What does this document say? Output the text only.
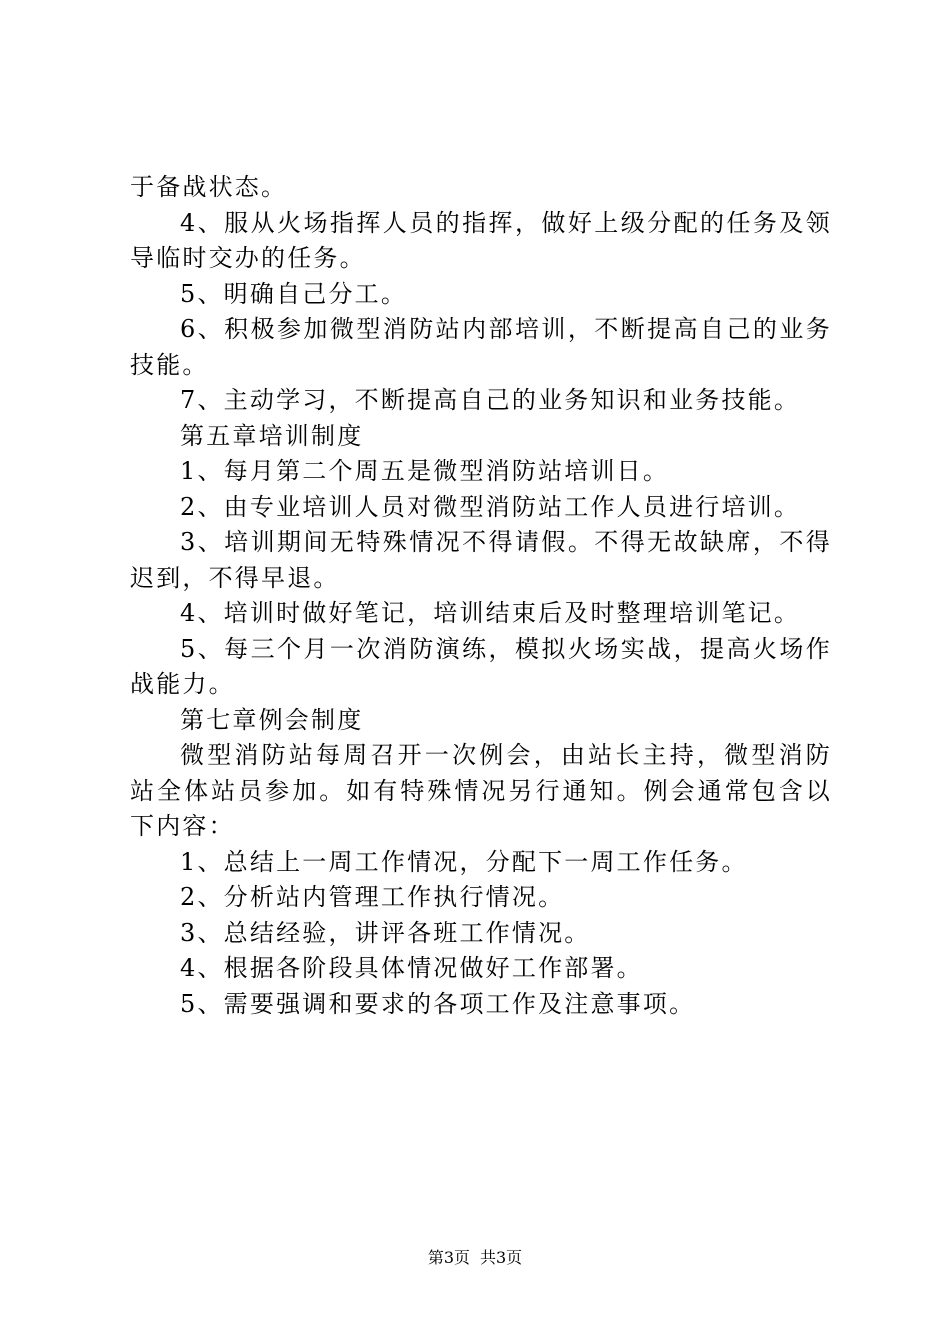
于备战状态。

4、服从火场指挥人员的指挥，做好上级分配的任务及领导临时交办的任务。

5、明确自己分工。

6、积极参加微型消防站内部培训，不断提高自己的业务技能。

7、主动学习，不断提高自己的业务知识和业务技能。

第五章培训制度

1、每月第二个周五是微型消防站培训日。

2、由专业培训人员对微型消防站工作人员进行培训。

3、培训期间无特殊情况不得请假。不得无故缺席，不得迟到，不得早退。

4、培训时做好笔记，培训结束后及时整理培训笔记。

5、每三个月一次消防演练，模拟火场实战，提高火场作战能力。

第七章例会制度

微型消防站每周召开一次例会，由站长主持，微型消防站全体站员参加。如有特殊情况另行通知。例会通常包含以下内容：

1、总结上一周工作情况，分配下一周工作任务。

2、分析站内管理工作执行情况。

3、总结经验，讲评各班工作情况。

4、根据各阶段具体情况做好工作部署。

5、需要强调和要求的各项工作及注意事项。

第3页 共3页
